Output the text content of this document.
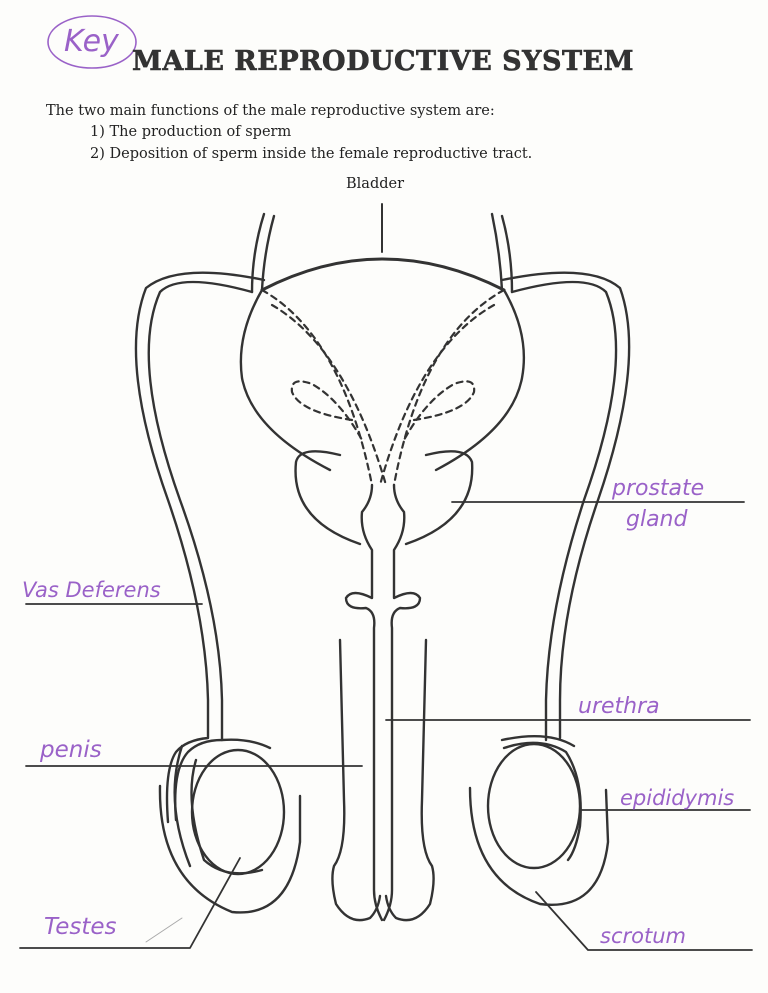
Key
MALE REPRODUCTIVE SYSTEM
The two main functions of the male reproductive system are:
1) The production of sperm
2) Deposition of sperm inside the female reproductive tract.
Bladder
prostate
gland
Vas Deferens
urethra
penis
epididymis
Testes	scrotum
